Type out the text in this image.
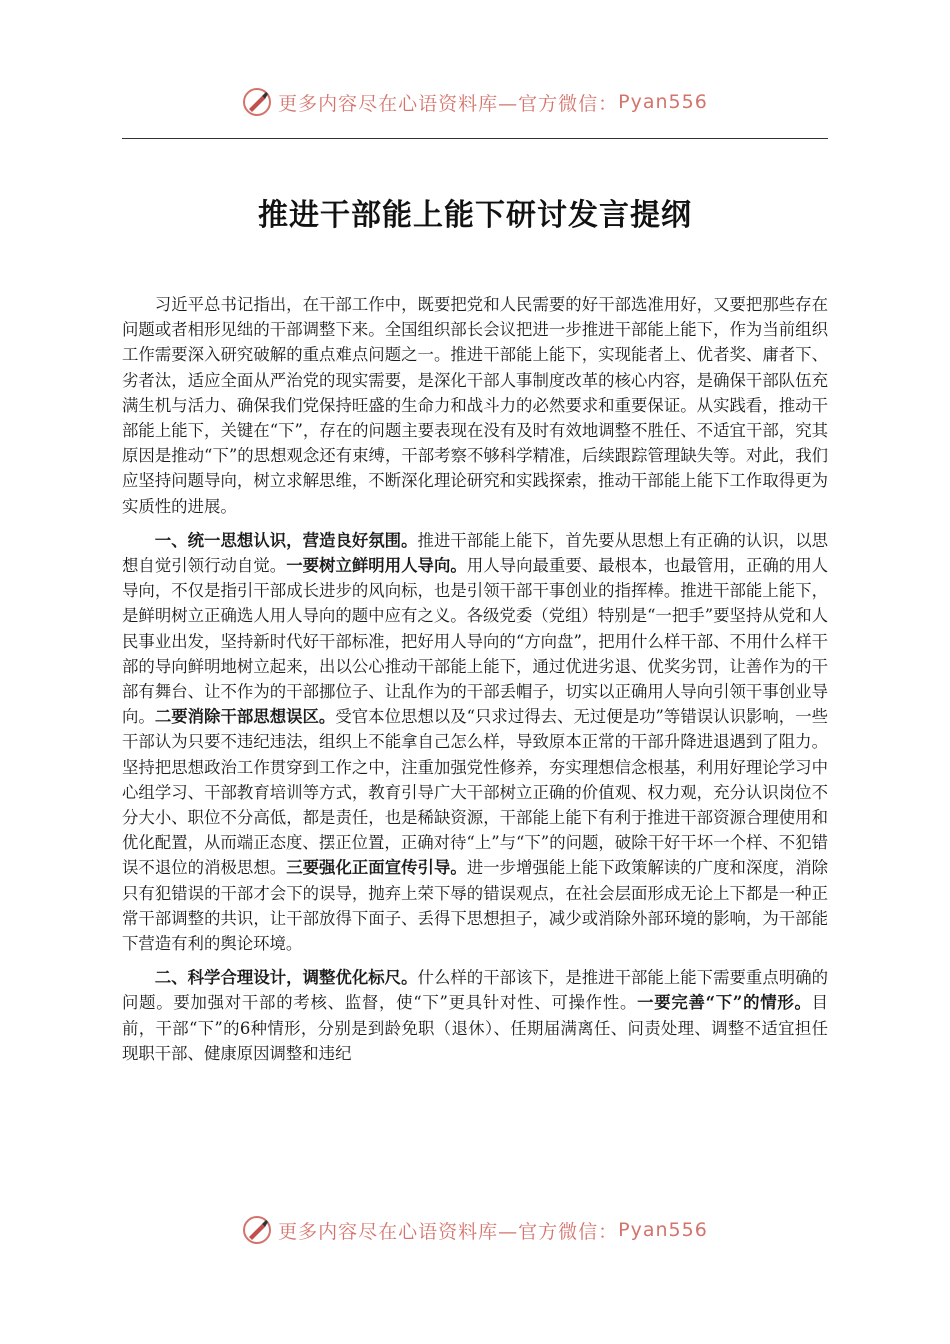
更多内容尽在心语资料库—官方微信： Pyan556
推进干部能上能下研讨发言提纲

习近平总书记指出，在干部工作中，既要把党和人民需要的好干部选准用好，又要把那些存在问题或者相形见绌的干部调整下来。全国组织部长会议把进一步推进干部能上能下，作为当前组织工作需要深入研究破解的重点难点问题之一。推进干部能上能下，实现能者上、优者奖、庸者下、劣者汰，适应全面从严治党的现实需要，是深化干部人事制度改革的核心内容，是确保干部队伍充满生机与活力、确保我们党保持旺盛的生命力和战斗力的必然要求和重要保证。从实践看，推动干部能上能下，关键在“下”，存在的问题主要表现在没有及时有效地调整不胜任、不适宜干部，究其原因是推动“下”的思想观念还有束缚，干部考察不够科学精准，后续跟踪管理缺失等。对此，我们应坚持问题导向，树立求解思维，不断深化理论研究和实践探索，推动干部能上能下工作取得更为实质性的进展。

一、统一思想认识，营造良好氛围。推进干部能上能下，首先要从思想上有正确的认识，以思想自觉引领行动自觉。一要树立鲜明用人导向。用人导向最重要、最根本，也最管用，正确的用人导向，不仅是指引干部成长进步的风向标，也是引领干部干事创业的指挥棒。推进干部能上能下，是鲜明树立正确选人用人导向的题中应有之义。各级党委（党组）特别是“一把手”要坚持从党和人民事业出发，坚持新时代好干部标准，把好用人导向的“方向盘”，把用什么样干部、不用什么样干部的导向鲜明地树立起来，出以公心推动干部能上能下，通过优进劣退、优奖劣罚，让善作为的干部有舞台、让不作为的干部挪位子、让乱作为的干部丢帽子，切实以正确用人导向引领干事创业导向。二要消除干部思想误区。受官本位思想以及“只求过得去、无过便是功”等错误认识影响，一些干部认为只要不违纪违法，组织上不能拿自己怎么样，导致原本正常的干部升降进退遇到了阻力。坚持把思想政治工作贯穿到工作之中，注重加强党性修养，夯实理想信念根基，利用好理论学习中心组学习、干部教育培训等方式，教育引导广大干部树立正确的价值观、权力观，充分认识岗位不分大小、职位不分高低，都是责任，也是稀缺资源，干部能上能下有利于推进干部资源合理使用和优化配置，从而端正态度、摆正位置，正确对待“上”与“下”的问题，破除干好干坏一个样、不犯错误不退位的消极思想。三要强化正面宣传引导。进一步增强能上能下政策解读的广度和深度，消除只有犯错误的干部才会下的误导，抛弃上荣下辱的错误观点，在社会层面形成无论上下都是一种正常干部调整的共识，让干部放得下面子、丢得下思想担子，减少或消除外部环境的影响，为干部能下营造有利的舆论环境。

二、科学合理设计，调整优化标尺。什么样的干部该下，是推进干部能上能下需要重点明确的问题。要加强对干部的考核、监督，使“下”更具针对性、可操作性。一要完善“下”的情形。目前，干部“下”的6种情形，分别是到龄免职（退休）、任期届满离任、问责处理、调整不适宜担任现职干部、健康原因调整和违纪

更多内容尽在心语资料库—官方微信： Pyan556
